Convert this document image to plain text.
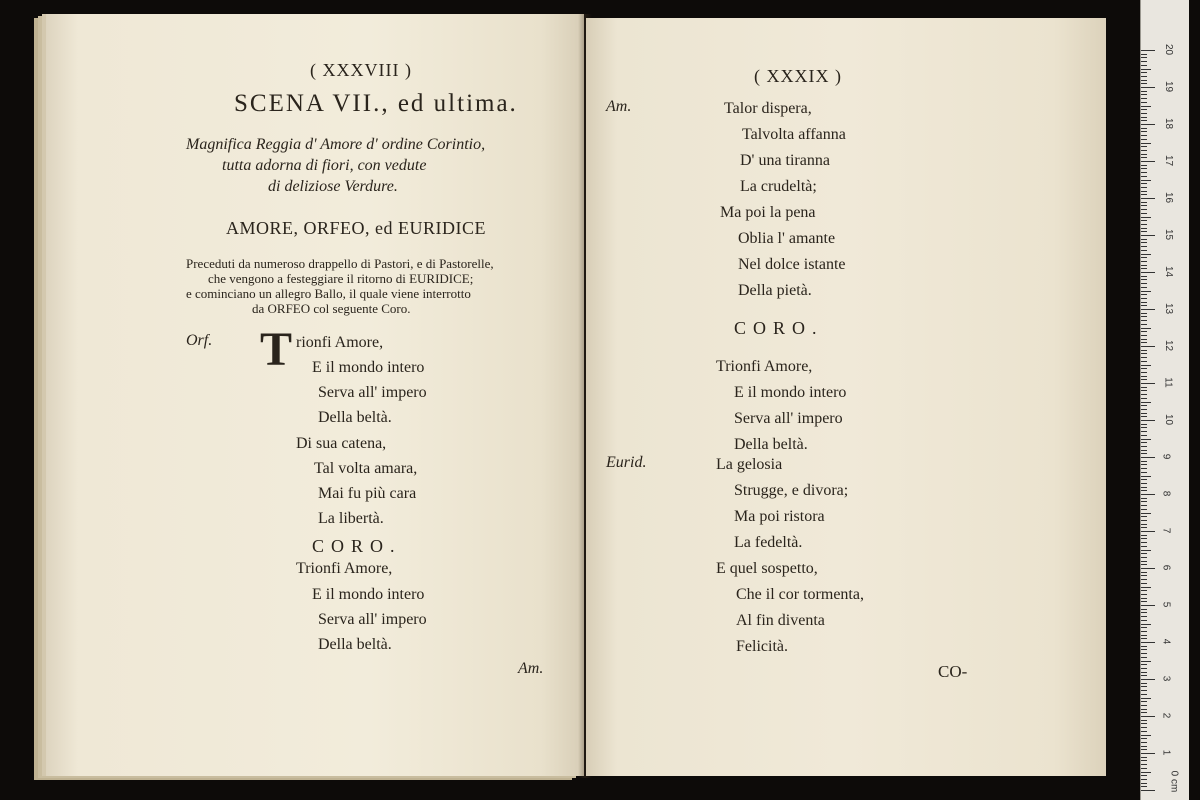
( XXXVIII )
SCENA VII., ed ultima.
Magnifica Reggia d' Amore d' ordine Corintio,
tutta adorna di fiori, con vedute
di deliziose Verdure.
AMORE, ORFEO, ed EURIDICE
Preceduti da numeroso drappello di Pastori, e di Pastorelle,
che vengono a festeggiare il ritorno di EURIDICE;
e cominciano un allegro Ballo, il quale viene interrotto
da ORFEO col seguente Coro.
Orf. T rionfi Amore,
E il mondo intero
Serva all' impero
Della beltà.
Di sua catena,
Tal volta amara,
Mai fu più cara
La libertà.
CORO.
Trionfi Amore,
E il mondo intero
Serva all' impero
Della beltà.
Am.
( XXXIX )
Am.	Talor dispera,
Talvolta affanna
D' una tiranna
La crudeltà;
Ma poi la pena
Oblia l' amante
Nel dolce istante
Della pietà.
CORO.
Trionfi Amore,
E il mondo intero
Serva all' impero
Della beltà.
Eurid.	La gelosia
Strugge, e divora;
Ma poi ristora
La fedeltà.
E quel sospetto,
Che il cor tormenta,
Al fin diventa
Felicità.
CO-
1
2
3
4
5
6
7
8
9
10
11
12
13
14
15
16
17
18
19
20
0 cm
